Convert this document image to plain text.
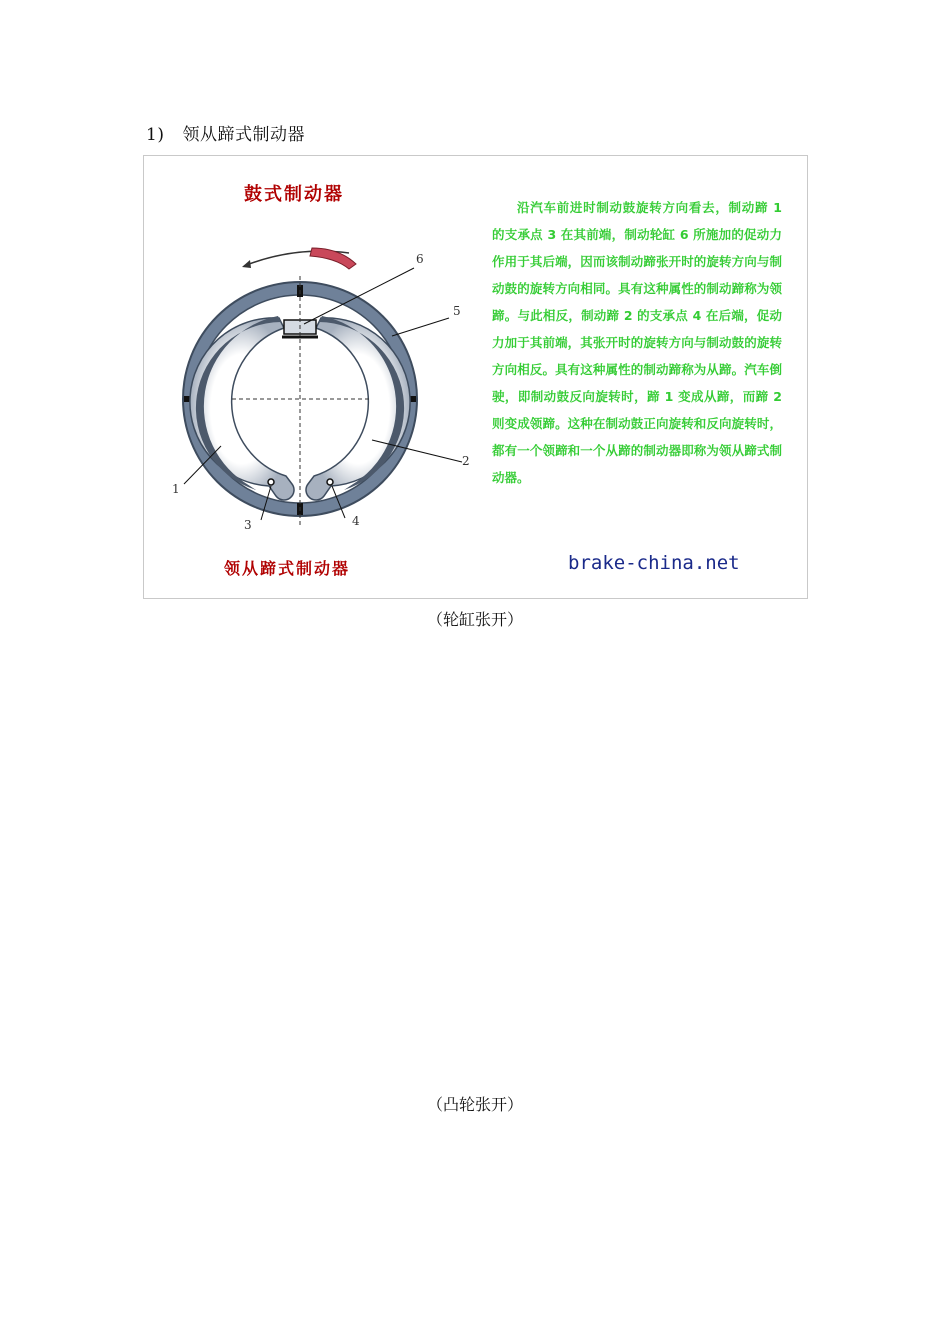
1) 领从蹄式制动器
6
5
2
1
3	4
鼓式制动器
领从蹄式制动器
沿汽车前进时制动鼓旋转方向看去，制动蹄 1 的支承点 3 在其前端，制动轮缸 6 所施加的促动力作用于其后端，因而该制动蹄张开时的旋转方向与制动鼓的旋转方向相同。具有这种属性的制动蹄称为领蹄。与此相反，制动蹄 2 的支承点 4 在后端，促动力加于其前端，其张开时的旋转方向与制动鼓的旋转方向相反。具有这种属性的制动蹄称为从蹄。汽车倒驶，即制动鼓反向旋转时，蹄 1 变成从蹄，而蹄 2 则变成领蹄。这种在制动鼓正向旋转和反向旋转时，都有一个领蹄和一个从蹄的制动器即称为领从蹄式制动器。
brake-china.net
（轮缸张开）
（凸轮张开）
